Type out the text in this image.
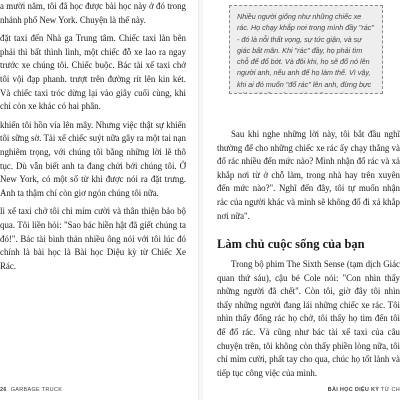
a mười năm, tôi đã học được bài học này ở đó trong nhánh phố New York. Chuyện là thế này.

đặt taxi đến Nhà ga Trung tâm. Chiếc taxi làn bên phải thì bất thình lình, một chiếc đỗ xe lao ra ngay trước xe chúng tôi. Chiếc buộc. Bác tài xế taxi chở tôi vội đạp phanh. trượt trên đường rít lên kin két. Và chiếc taxi tróc dừng lại vào giây cuối cùng, khi chỉ còn xe khác có hai phân.

khiến tôi hồn vía lên mây. Nhưng việc thật sự khiến tôi sững sờ. Tài xế chiếc suýt nữa gây ra một tai nạn nghiêm trọng, với chúng tôi bằng những lời lẽ thô tục. Dù vẫn biết anh ta đang chửi bới chúng tôi. Ở New York, có một số từ khi được nói ra đặt trưng. Anh ta thậm chí còn giơ ngón chúng tôi nữa.

lì xế taxi chở tôi chỉ mỉm cười và thân thiện bảo bộ qua. Tôi liền hỏi: "Sao bác hiền hật đã giết chúng ta đó!". Bác tài bình thản nhiều ông nói với tôi lúc đó chính là bài học là Bài học Diệu kỳ từ Chiếc Xe Rác.

26 GARBAGE TRUCK
Nhiều người giống như những chiếc xe rác. Họ chạy khắp nơi trong mình đầy "rác" - đó là nỗi thất vọng, sự tức giận, và sự giác bất mãn. Khi "rác" đầy, họ phải tìm chỗ để đổ bớt. Và đôi khi, họ sẽ đổ nó lên người anh, nếu anh để họ làm thế. Vì vậy, khi ai đó muốn "đổ rác" lên anh, đừng bực

Sau khi nghe những lời này, tôi bắt đầu nghĩ thường để cho những chiếc xe rác ấy chạy thẳng và đổ rác nhiều đến mức nào? Mình nhận đổ rác và xả khắp nơi từ ở chỗ làm, trong nhà hay trên xuyên đến mức nào?". Nghĩ đến đây, tôi tự muốn nhận rác của người khác và mình sẽ không đổ đi xả khắp nơi nữa".

Làm chủ cuộc sống của bạn

Trong bộ phim The Sixth Sense (tạm dịch Giác quan thứ sáu), cậu bé Cole nói: "Con nhìn thấy những người đã chết". Còn tôi, giờ đây tôi nhìn thấy những người đang lái những chiếc xe rác. Tôi nhìn thấy đống rác họ chở, tôi thấy họ tìm đến tôi để đổ rác. Và cũng như bác tài xế taxi của câu chuyện trên, tôi không còn thấy phiền lòng nữa, tôi chỉ mỉm cười, phất tay cho qua, chúc họ tốt lành và tiếp tục công việc của mình.

BÀI HỌC DIỆU KỲ TỪ CH
